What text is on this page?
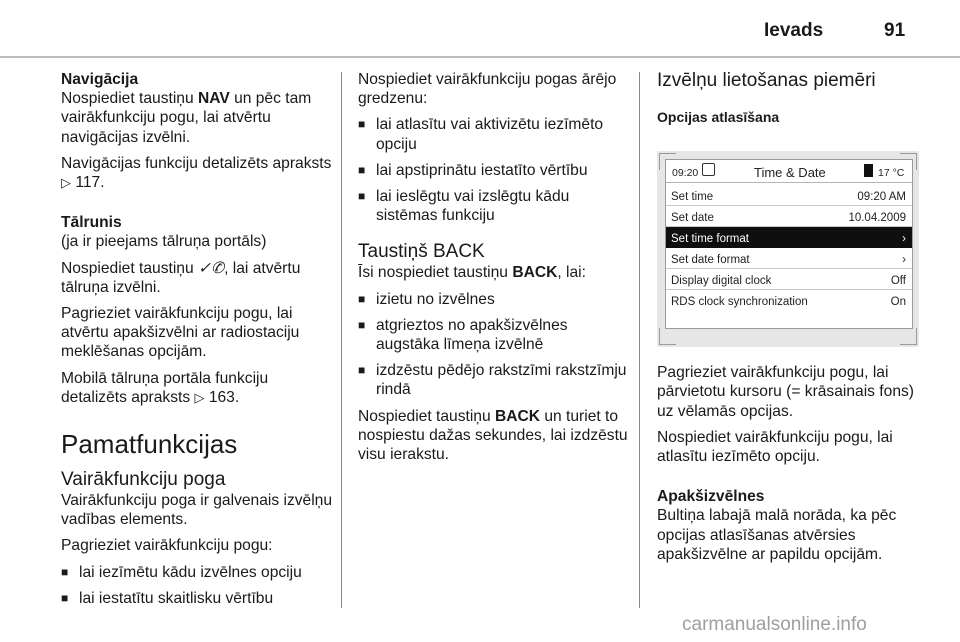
Ievads	91
Navigācija

Nospiediet taustiņu NAV un pēc tam vairākfunkciju pogu, lai atvērtu navigācijas izvēlni.

Navigācijas funkciju detalizēts apraksts ▷ 117.

Tālrunis

(ja ir pieejams tālruņa portāls)

Nospiediet taustiņu ✓✆, lai atvērtu tālruņa izvēlni.

Pagrieziet vairākfunkciju pogu, lai atvērtu apakšizvēlni ar radiostaciju meklēšanas opcijām.

Mobilā tālruņa portāla funkciju detalizēts apraksts ▷ 163.

Pamatfunkcijas
Vairākfunkciju poga

Vairākfunkciju poga ir galvenais izvēlņu vadības elements.

Pagrieziet vairākfunkciju pogu:

■ lai iezīmētu kādu izvēlnes opciju
■ lai iestatītu skaitlisku vērtību

Nospiediet vairākfunkciju pogas ārējo gredzenu:

■ lai atlasītu vai aktivizētu iezīmēto opciju
■ lai apstiprinātu iestatīto vērtību
■ lai ieslēgtu vai izslēgtu kādu sistēmas funkciju
Taustiņš BACK

Īsi nospiediet taustiņu BACK, lai:

■ izietu no izvēlnes
■ atgrieztos no apakšizvēlnes augstāka līmeņa izvēlnē
■ izdzēstu pēdējo rakstzīmi rakstzīmju rindā

Nospiediet taustiņu BACK un turiet to nospiestu dažas sekundes, lai izdzēstu visu ierakstu.

Izvēlņu lietošanas piemēri
Opcijas atlasīšana
09:20	Time & Date	17 °C
Set time	09:20 AM
Set date	10.04.2009
Set time format	›
Set date format	›
Display digital clock	Off
RDS clock synchronization	On

Pagrieziet vairākfunkciju pogu, lai pārvietotu kursoru (= krāsainais fons) uz vēlamās opcijas.

Nospiediet vairākfunkciju pogu, lai atlasītu iezīmēto opciju.

Apakšizvēlnes

Bultiņa labajā malā norāda, ka pēc opcijas atlasīšanas atvērsies apakšizvēlne ar papildu opcijām.

carmanualsonline.info
